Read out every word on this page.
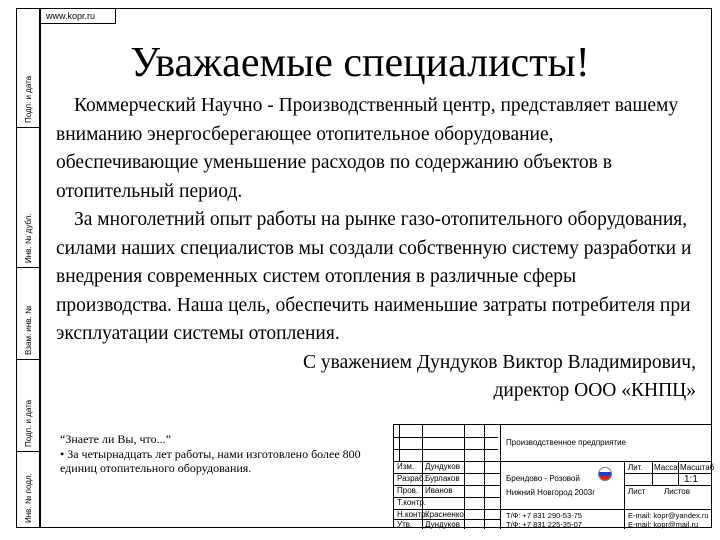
Подп. и дата
Инв. № дубл.
Взам. инв. №
Подп. и дата
Инв. № подл.
www.kopr.ru
Уважаемые специалисты!

Коммерческий Научно - Производственный центр, представляет вашему вниманию энергосберегающее отопительное оборудование, обеспечивающие уменьшение расходов по содержанию объектов в отопительный период.

За многолетний опыт работы на рынке газо-отопительного оборудования, силами наших специалистов мы создали собственную систему разработки и внедрения современных систем отопления в различные сферы производства. Наша цель, обеспечить наименьшие затраты потребителя при эксплуатации системы отопления.

С уважением Дундуков Виктор Владимирович,

директор ООО «КНПЦ»

“Знаете ли Вы, что...”

• За четырнадцать лет работы, нами изготовлено более 800 единиц отопительного оборудования.

Производственное предприятие
Лит. Масса Масштаб
1:1
Лист Листов
Брендово - Розовой
Нижний Новгород 2003г
Изм.
Разраб.
Пров.
Т.контр.
Н.контр.
Утв.
Дундуков
Бурлаков
Иванов
Красненко
Дундуков
Т/Ф: +7 831 290-53-75
Т/Ф: +7 831 225-35-07
E-mail: kopr@yandex.ru
E-mail: kopr@mail.ru
